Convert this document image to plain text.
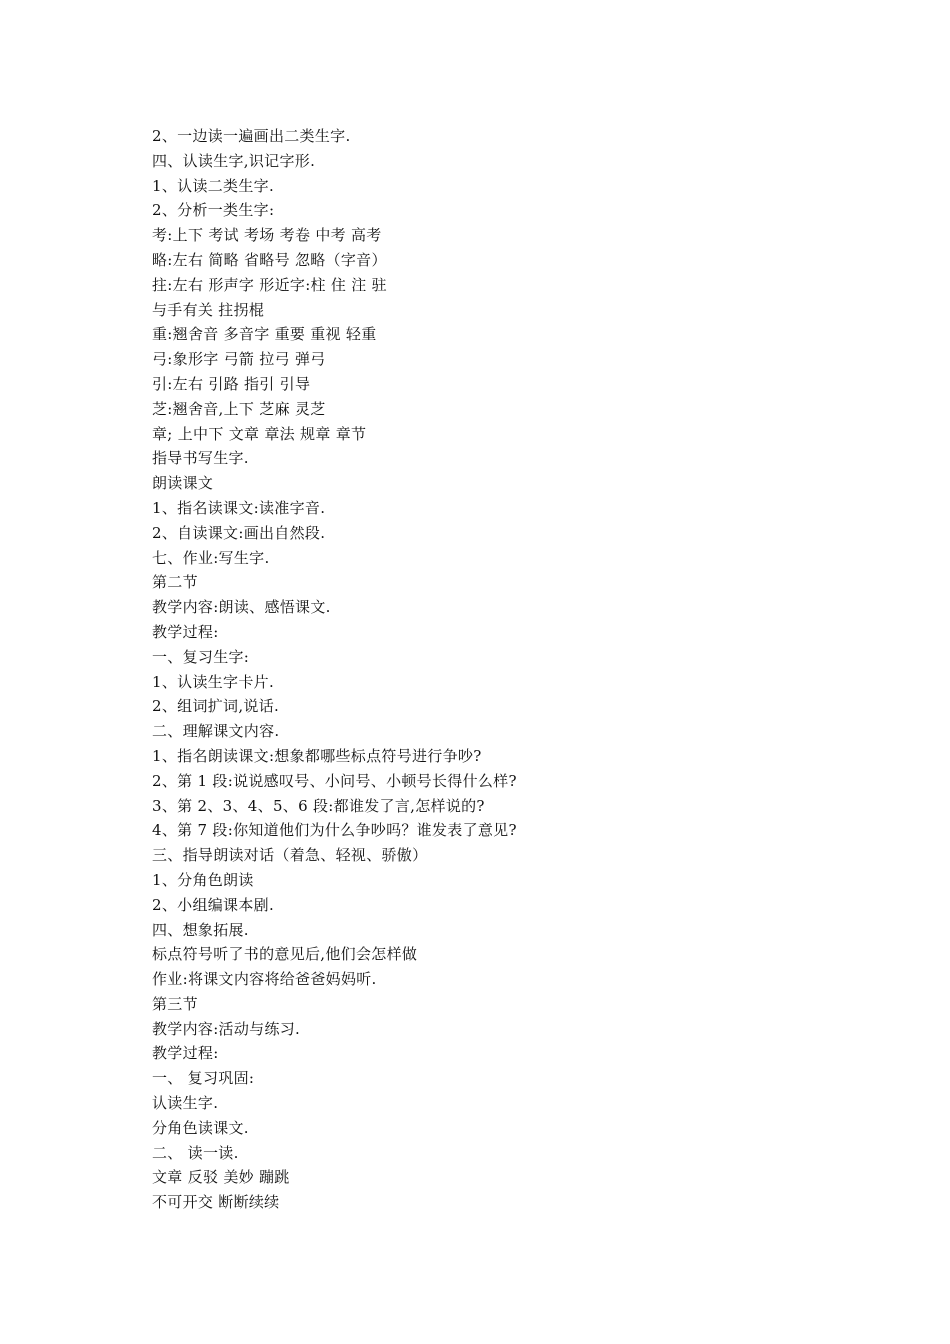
2、一边读一遍画出二类生字.
四、认读生字,识记字形.
1、认读二类生字.
2、分析一类生字:
考:上下 考试 考场 考卷 中考 高考
略:左右 简略 省略号 忽略（字音）
拄:左右 形声字 形近字:柱 住 注 驻
与手有关 拄拐棍
重:翘舍音 多音字 重要 重视 轻重
弓:象形字 弓箭 拉弓 弹弓
引:左右 引路 指引 引导
芝:翘舍音,上下 芝麻 灵芝
章; 上中下 文章 章法 规章 章节
指导书写生字.
朗读课文
1、指名读课文:读准字音.
2、自读课文:画出自然段.
七、作业:写生字.
第二节
教学内容:朗读、感悟课文.
教学过程:
一、复习生字:
1、认读生字卡片.
2、组词扩词,说话.
二、理解课文内容.
1、指名朗读课文:想象都哪些标点符号进行争吵?
2、第 1 段:说说感叹号、小问号、小顿号长得什么样?
3、第 2、3、4、5、6 段:都谁发了言,怎样说的?
4、第 7 段:你知道他们为什么争吵吗？谁发表了意见?
三、指导朗读对话（着急、轻视、骄傲）
1、分角色朗读
2、小组编课本剧.
四、想象拓展.
标点符号听了书的意见后,他们会怎样做
作业:将课文内容将给爸爸妈妈听.
第三节
教学内容:活动与练习.
教学过程:
一、 复习巩固:
认读生字.
分角色读课文.
二、 读一读.
文章 反驳 美妙 蹦跳
不可开交 断断续续
